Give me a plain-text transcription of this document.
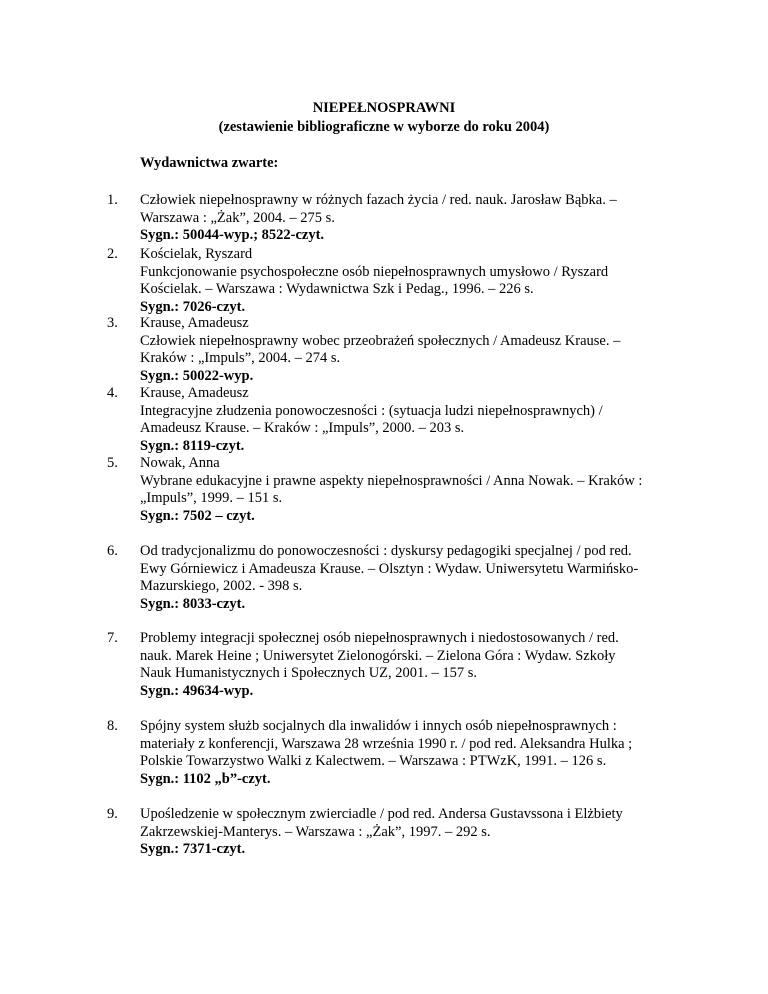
NIEPEŁNOSPRAWNI
(zestawienie bibliograficzne w wyborze do roku 2004)
Wydawnictwa zwarte:
1. Człowiek niepełnosprawny w różnych fazach życia / red. nauk. Jarosław Bąbka. –
Warszawa : „Żak”, 2004. – 275 s.
Sygn.: 50044-wyp.; 8522-czyt.
2. Kościelak, Ryszard
Funkcjonowanie psychospołeczne osób niepełnosprawnych umysłowo / Ryszard
Kościelak. – Warszawa : Wydawnictwa Szk i Pedag., 1996. – 226 s.
Sygn.: 7026-czyt.
3. Krause, Amadeusz
Człowiek niepełnosprawny wobec przeobrażeń społecznych / Amadeusz Krause. –
Kraków : „Impuls”, 2004. – 274 s.
Sygn.: 50022-wyp.
4. Krause, Amadeusz
Integracyjne złudzenia ponowoczesności : (sytuacja ludzi niepełnosprawnych) /
Amadeusz Krause. – Kraków : „Impuls”, 2000. – 203 s.
Sygn.: 8119-czyt.
5. Nowak, Anna
Wybrane edukacyjne i prawne aspekty niepełnosprawności / Anna Nowak. – Kraków :
„Impuls”, 1999. – 151 s.
Sygn.: 7502 – czyt.
6. Od tradycjonalizmu do ponowoczesności : dyskursy pedagogiki specjalnej / pod red.
Ewy Górniewicz i Amadeusza Krause. – Olsztyn : Wydaw. Uniwersytetu Warmińsko-
Mazurskiego, 2002. - 398 s.
Sygn.: 8033-czyt.
7. Problemy integracji społecznej osób niepełnosprawnych i niedostosowanych / red.
nauk. Marek Heine ; Uniwersytet Zielonogórski. – Zielona Góra : Wydaw. Szkoły
Nauk Humanistycznych i Społecznych UZ, 2001. – 157 s.
Sygn.: 49634-wyp.
8. Spójny system służb socjalnych dla inwalidów i innych osób niepełnosprawnych :
materiały z konferencji, Warszawa 28 września 1990 r. / pod red. Aleksandra Hulka ;
Polskie Towarzystwo Walki z Kalectwem. – Warszawa : PTWzK, 1991. – 126 s.
Sygn.: 1102 „b”-czyt.
9. Upośledzenie w społecznym zwierciadle / pod red. Andersa Gustavssona i Elżbiety
Zakrzewskiej-Manterys. – Warszawa : „Żak”, 1997. – 292 s.
Sygn.: 7371-czyt.
